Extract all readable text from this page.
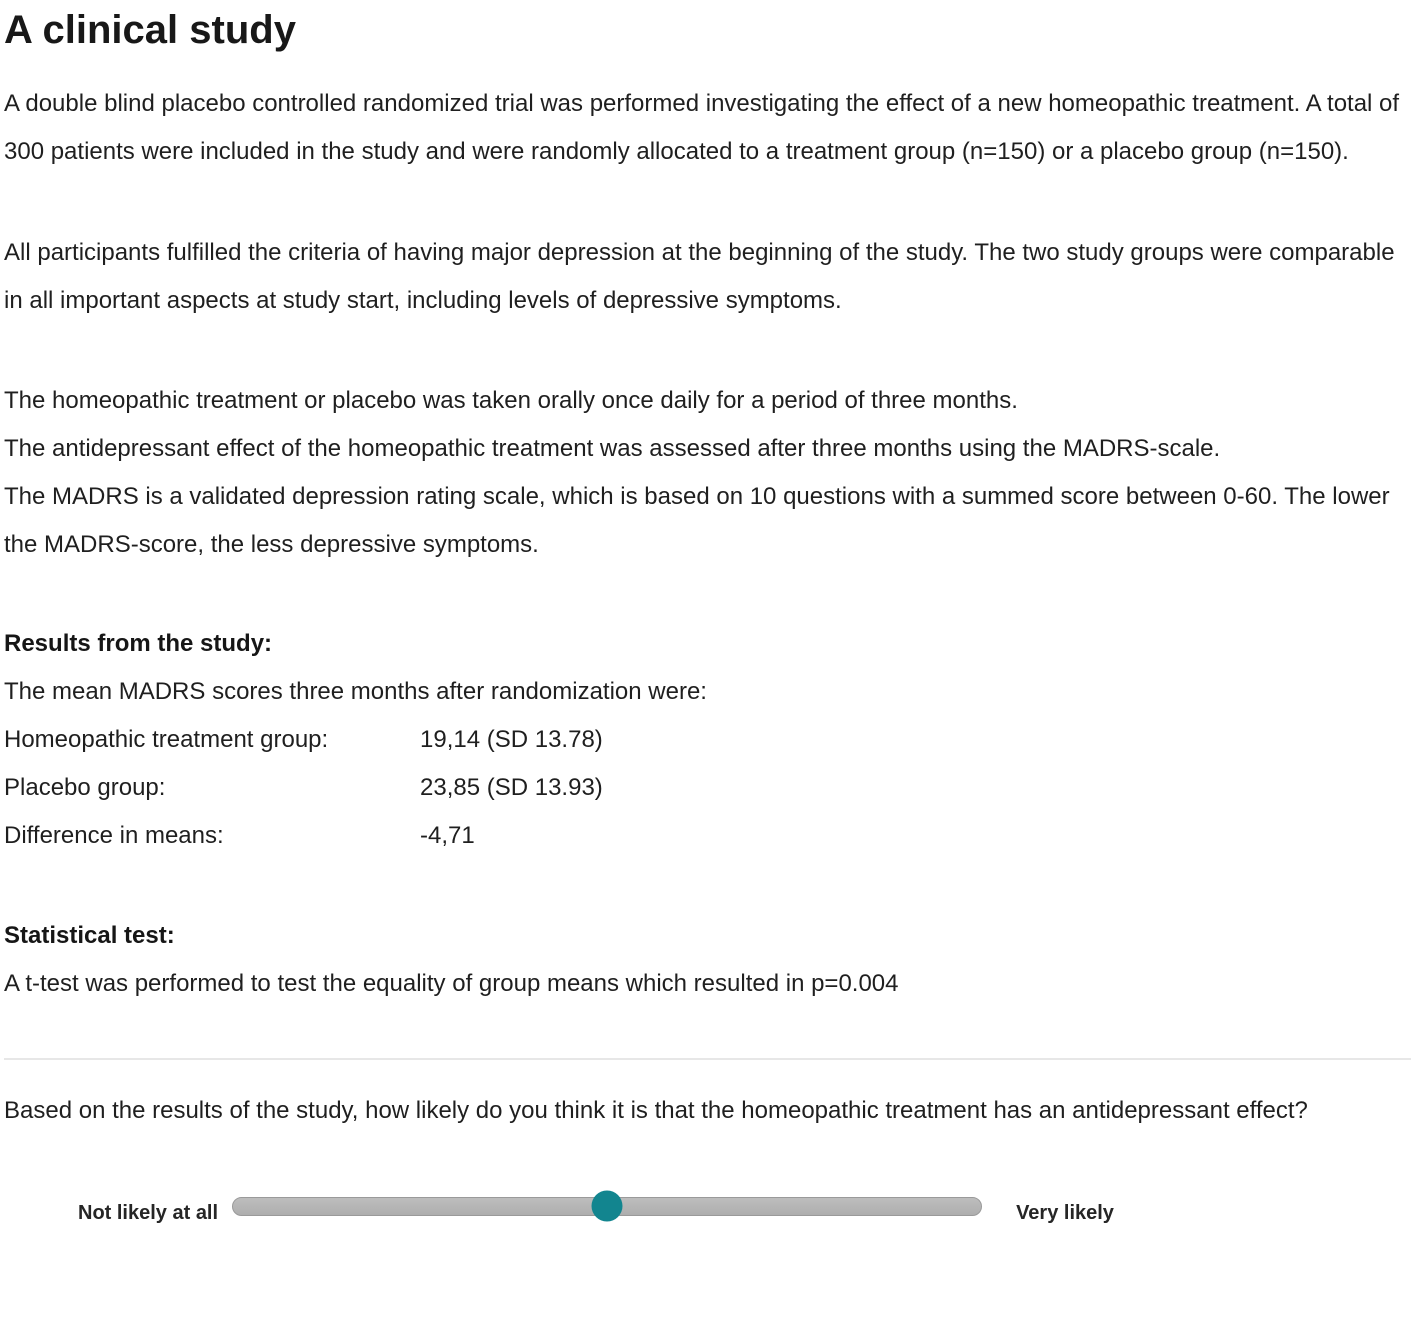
A clinical study

A double blind placebo controlled randomized trial was performed investigating the effect of a new homeopathic treatment. A total of 300 patients were included in the study and were randomly allocated to a treatment group (n=150) or a placebo group (n=150).

All participants fulfilled the criteria of having major depression at the beginning of the study. The two study groups were comparable in all important aspects at study start, including levels of depressive symptoms.

The homeopathic treatment or placebo was taken orally once daily for a period of three months.
The antidepressant effect of the homeopathic treatment was assessed after three months using the MADRS-scale.
The MADRS is a validated depression rating scale, which is based on 10 questions with a summed score between 0-60. The lower the MADRS-score, the less depressive symptoms.

Results from the study:
The mean MADRS scores three months after randomization were:
Homeopathic treatment group:	19,14 (SD 13.78)
Placebo group:	23,85 (SD 13.93)
Difference in means:	-4,71
Statistical test:
A t-test was performed to test the equality of group means which resulted in p=0.004

Based on the results of the study, how likely do you think it is that the homeopathic treatment has an antidepressant effect?

Not likely at all	Very likely
